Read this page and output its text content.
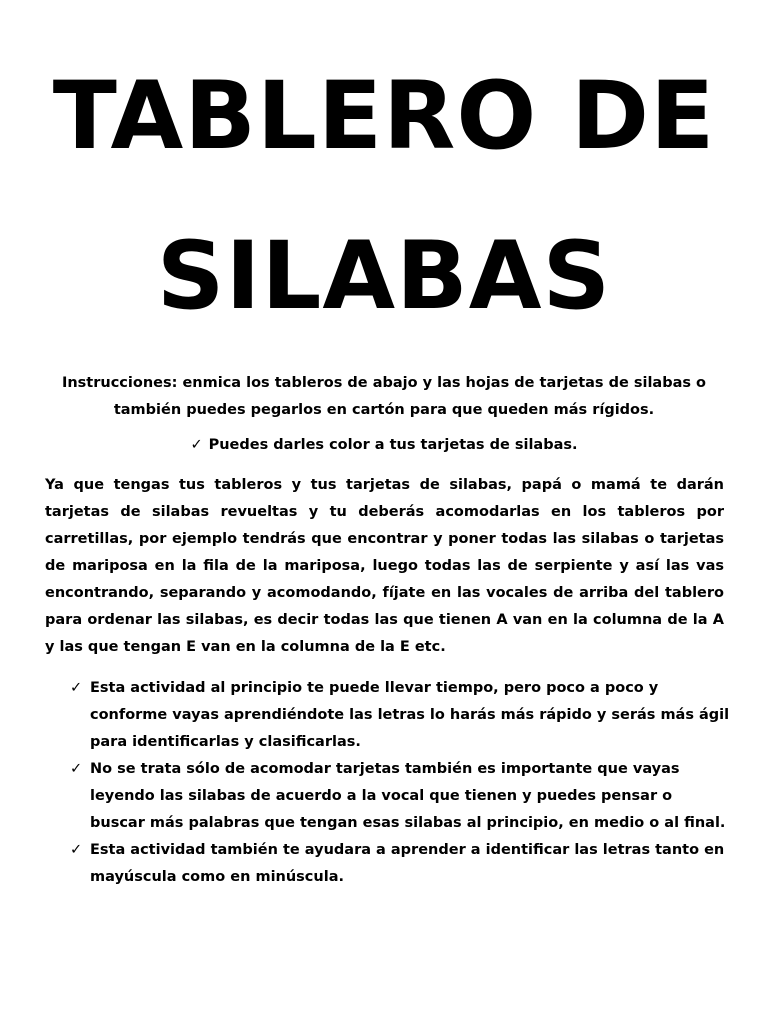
TABLERO DE
SILABAS

Instrucciones: enmica los tableros de abajo y las hojas de tarjetas de silabas o también puedes pegarlos en cartón para que queden más rígidos.

✓ Puedes darles color a tus tarjetas de silabas.

Ya que tengas tus tableros y tus tarjetas de silabas, papá o mamá te darán tarjetas de silabas revueltas y tu deberás acomodarlas en los tableros por carretillas, por ejemplo tendrás que encontrar y poner todas las silabas o tarjetas de mariposa en la fila de la mariposa, luego todas las de serpiente y así las vas encontrando, separando y acomodando, fíjate en las vocales de arriba del tablero para ordenar las silabas, es decir todas las que tienen A van en la columna de la A y las que tengan E van en la columna de la E etc.

✓ Esta actividad al principio te puede llevar tiempo, pero poco a poco y conforme vayas aprendiéndote las letras lo harás más rápido y serás más ágil para identificarlas y clasificarlas.
✓ No se trata sólo de acomodar tarjetas también es importante que vayas leyendo las silabas de acuerdo a la vocal que tienen y puedes pensar o buscar más palabras que tengan esas silabas al principio, en medio o al final.
✓ Esta actividad también te ayudara a aprender a identificar las letras tanto en mayúscula como en minúscula.
